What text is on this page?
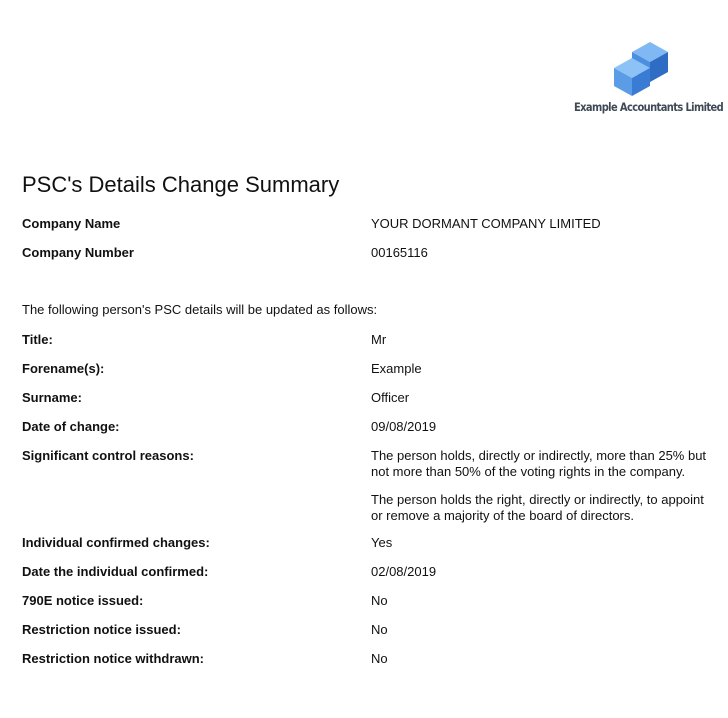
Example Accountants Limited
PSC's Details Change Summary
Company Name	YOUR DORMANT COMPANY LIMITED
Company Number	00165116
The following person's PSC details will be updated as follows:
Title:	Mr
Forename(s):	Example
Surname:	Officer
Date of change:	09/08/2019
Significant control reasons:	The person holds, directly or indirectly, more than 25% but not more than 50% of the voting rights in the company.
The person holds the right, directly or indirectly, to appoint or remove a majority of the board of directors.
Individual confirmed changes:	Yes
Date the individual confirmed:	02/08/2019
790E notice issued:	No
Restriction notice issued:	No
Restriction notice withdrawn:	No
